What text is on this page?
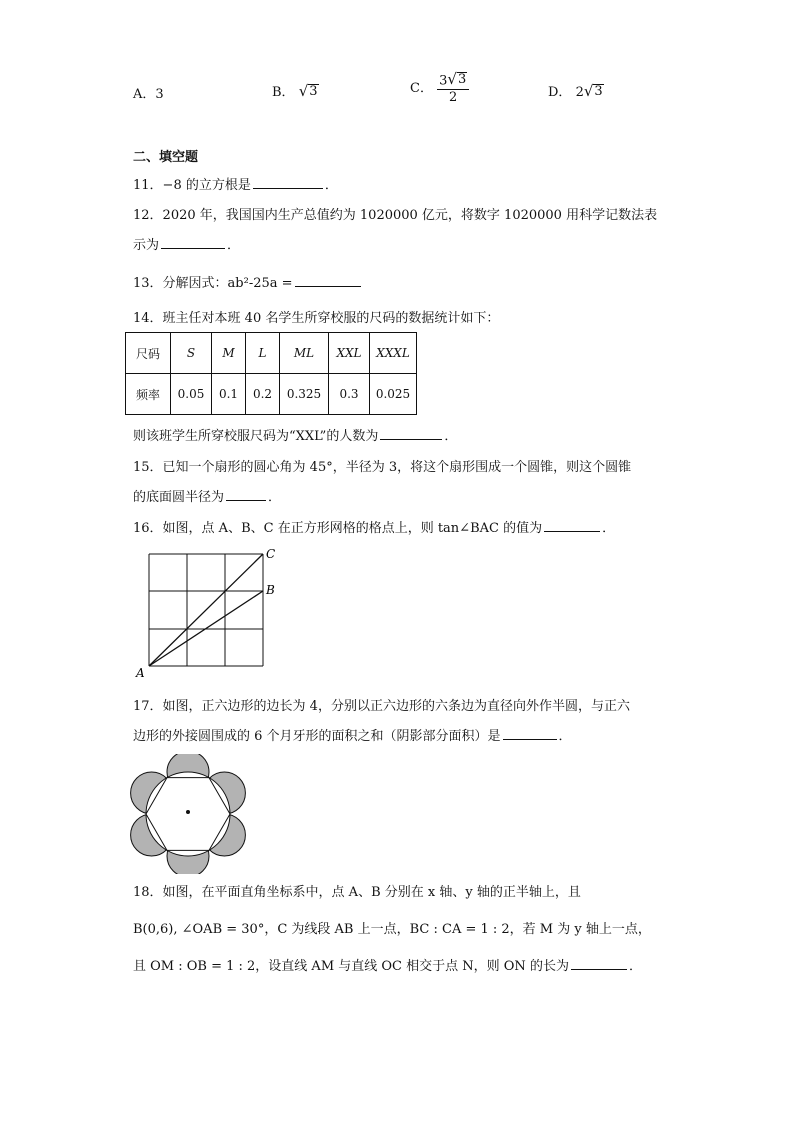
A．3	B． √ 3	C． $\frac{3 √ 3}{2}$	D． 2 √ 3
二、填空题
11．−8 的立方根是	．
12．2020 年，我国国内生产总值约为 1020000 亿元，将数字 1020000 用科学记数法表
示为	．
13．分解因式：ab²-25a =
14．班主任对本班 40 名学生所穿校服的尺码的数据统计如下：
尺码	S	M	L	ML	XXL	XXXL
频率	0.05	0.1	0.2	0.325	0.3	0.025
则该班学生所穿校服尺码为“XXL”的人数为	．
15．已知一个扇形的圆心角为 45°，半径为 3，将这个扇形围成一个圆锥，则这个圆锥
的底面圆半径为	．
16．如图，点 A、B、C 在正方形网格的格点上，则 tan∠BAC 的值为	．
A
B
C
17．如图，正六边形的边长为 4，分别以正六边形的六条边为直径向外作半圆，与正六
边形的外接圆围成的 6 个月牙形的面积之和（阴影部分面积）是	．
18．如图，在平面直角坐标系中，点 A、B 分别在 x 轴、y 轴的正半轴上，且
B(0,6), ∠OAB = 30°，C 为线段 AB 上一点，BC : CA = 1 : 2，若 M 为 y 轴上一点，
且 OM : OB = 1 : 2，设直线 AM 与直线 OC 相交于点 N，则 ON 的长为	．
